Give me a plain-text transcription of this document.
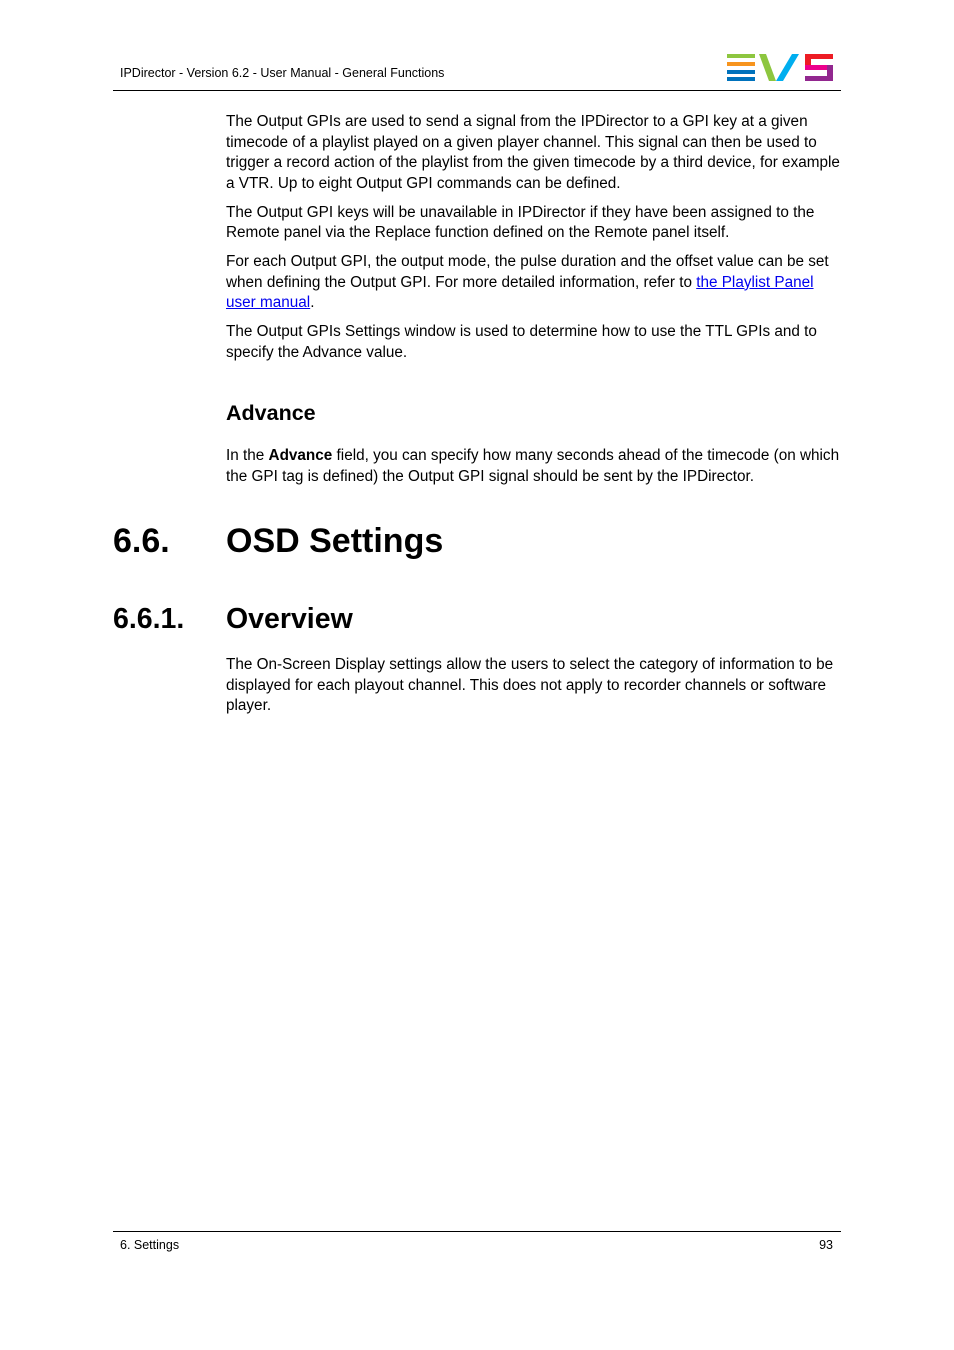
IPDirector - Version 6.2 - User Manual - General Functions

The Output GPIs are used to send a signal from the IPDirector to a GPI key at a given timecode of a playlist played on a given player channel. This signal can then be used to trigger a record action of the playlist from the given timecode by a third device, for example a VTR. Up to eight Output GPI commands can be defined.

The Output GPI keys will be unavailable in IPDirector if they have been assigned to the Remote panel via the Replace function defined on the Remote panel itself.

For each Output GPI, the output mode, the pulse duration and the offset value can be set when defining the Output GPI. For more detailed information, refer to the Playlist Panel user manual.

The Output GPIs Settings window is used to determine how to use the TTL GPIs and to specify the Advance value.

Advance

In the Advance field, you can specify how many seconds ahead of the timecode (on which the GPI tag is defined) the Output GPI signal should be sent by the IPDirector.

6.6. OSD Settings
6.6.1. Overview

The On-Screen Display settings allow the users to select the category of information to be displayed for each playout channel. This does not apply to recorder channels or software player.

6. Settings	93
